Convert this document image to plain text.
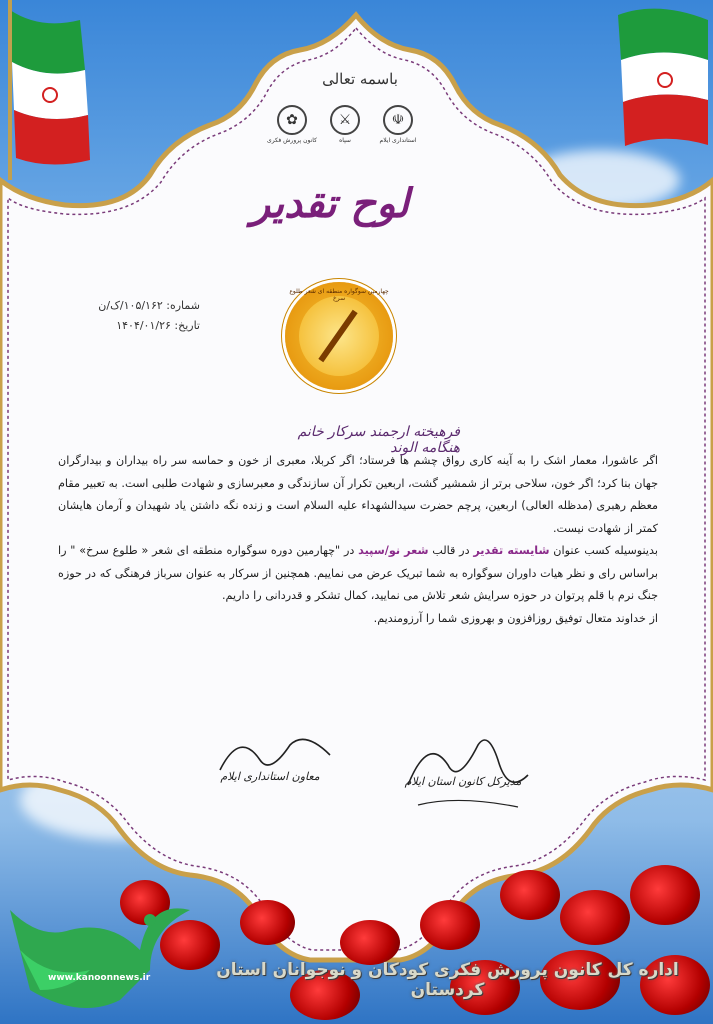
باسمه تعالی
✿
کانون پرورش فکری
⚔
سپاه
☫
استانداری ایلام
لوح تقدیر
شماره: ۱۰۵/۱۶۲/ک/ن
تاریخ: ۱۴۰۴/۰۱/۲۶
چهارمین سوگواره منطقه ای شعر طلوع سرخ
فرهیخته ارجمند سرکار خانم هنگامه الوند

اگر عاشورا، معمار اشک را به آینه کاری رواق چشم ها فرستاد؛ اگر کربلا، معبری از خون و حماسه سر راه بیداران و بیدارگران جهان بنا کرد؛ اگر خون، سلاحی برتر از شمشیر گشت، اربعین تکرار آن سازندگی و معبرسازی و شهادت طلبی است. به تعبیر مقام معظم رهبری (مدظله العالی) اربعین، پرچم حضرت سیدالشهداء علیه السلام است و زنده نگه داشتن یاد شهیدان و آرمان هایشان کمتر از شهادت نیست.

بدینوسیله کسب عنوان شایسته تقدیر در قالب شعر نو/سپید در "چهارمین دوره سوگواره منطقه ای شعر « طلوع سرخ» " را براساس رای و نظر هیات داوران سوگواره به شما تبریک عرض می نماییم. همچنین از سرکار به عنوان سرباز فرهنگی که در حوزه جنگ نرم با قلم پرتوان در حوزه سرایش شعر تلاش می نمایید، کمال تشکر و قدردانی را داریم.

از خداوند متعال توفیق روزافزون و بهروزی شما را آرزومندیم.

مدیرکل کانون استان ایلام
معاون استانداری ایلام
www.kanoonnews.ir	اداره کل کانون پرورش فکری کودکان و نوجوانان استان کردستان
